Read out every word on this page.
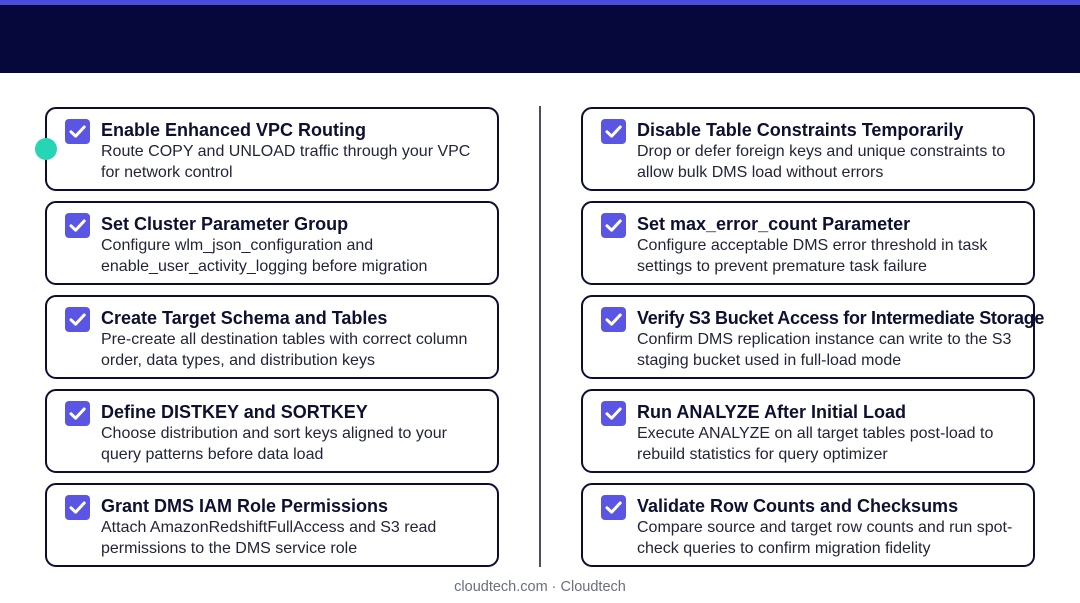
Enable Enhanced VPC Routing
Route COPY and UNLOAD traffic through your VPC for network control
Set Cluster Parameter Group
Configure wlm_json_configuration and enable_user_activity_logging before migration
Create Target Schema and Tables
Pre-create all destination tables with correct column order, data types, and distribution keys
Define DISTKEY and SORTKEY
Choose distribution and sort keys aligned to your query patterns before data load
Grant DMS IAM Role Permissions
Attach AmazonRedshiftFullAccess and S3 read permissions to the DMS service role
Disable Table Constraints Temporarily
Drop or defer foreign keys and unique constraints to allow bulk DMS load without errors
Set max_error_count Parameter
Configure acceptable DMS error threshold in task settings to prevent premature task failure
Verify S3 Bucket Access for Intermediate Storage
Confirm DMS replication instance can write to the S3 staging bucket used in full-load mode
Run ANALYZE After Initial Load
Execute ANALYZE on all target tables post-load to rebuild statistics for query optimizer
Validate Row Counts and Checksums
Compare source and target row counts and run spot-check queries to confirm migration fidelity
cloudtech.com · Cloudtech
